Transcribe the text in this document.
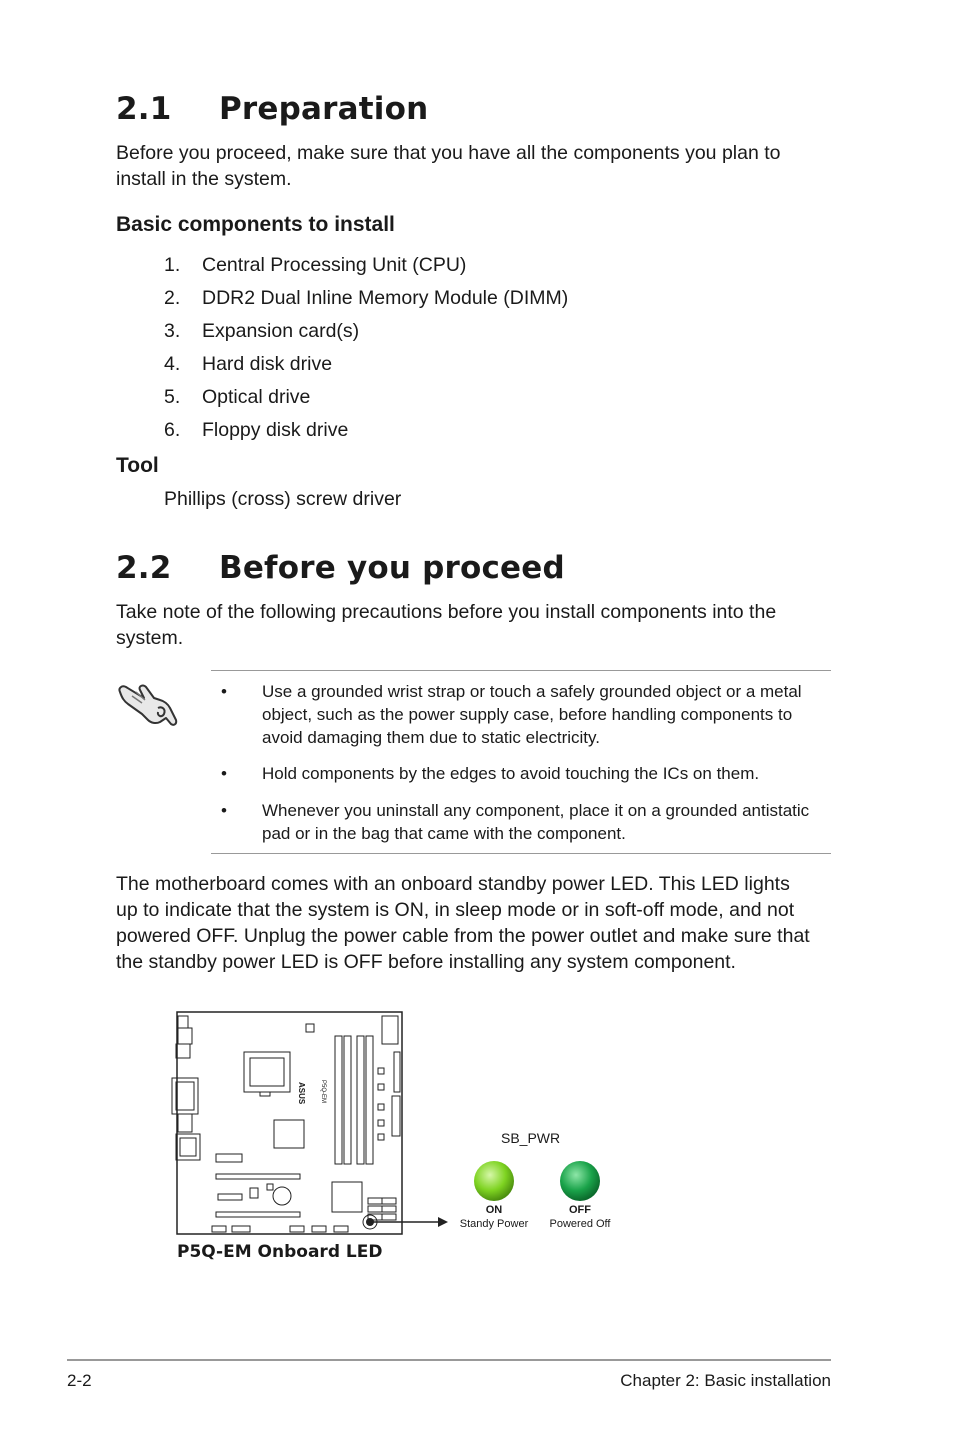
2.1 Preparation
Before you proceed, make sure that you have all the components you plan to install in the system.
Basic components to install
1. Central Processing Unit (CPU)
2. DDR2 Dual Inline Memory Module (DIMM)
3. Expansion card(s)
4. Hard disk drive
5. Optical drive
6. Floppy disk drive
Tool
Phillips (cross) screw driver
2.2 Before you proceed
Take note of the following precautions before you install components into the system.
• Use a grounded wrist strap or touch a safely grounded object or a metal object, such as the power supply case, before handling components to avoid damaging them due to static electricity.
• Hold components by the edges to avoid touching the ICs on them.
• Whenever you uninstall any component, place it on a grounded antistatic pad or in the bag that came with the component.
The motherboard comes with an onboard standby power LED. This LED lights up to indicate that the system is ON, in sleep mode or in soft-off mode, and not powered OFF. Unplug the power cable from the power outlet and make sure that the standby power LED is OFF before installing any system component.
ASUS P5Q-EM
SB_PWR
ON
Standy Power
OFF
Powered Off
P5Q-EM Onboard LED
2-2	Chapter 2: Basic installation
